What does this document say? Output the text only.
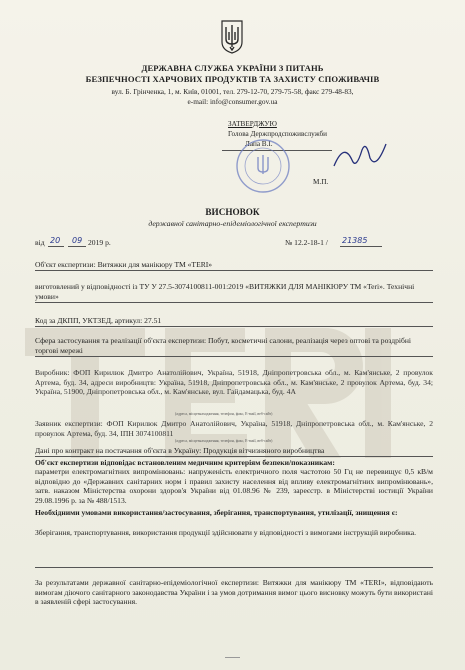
ДЕРЖАВНА СЛУЖБА УКРАЇНИ З ПИТАНЬ
БЕЗПЕЧНОСТІ ХАРЧОВИХ ПРОДУКТІВ ТА ЗАХИСТУ СПОЖИВАЧІВ
вул. Б. Грінченка, 1, м. Київ, 01001, тел. 279-12-70, 279-75-58, факс 279-48-83,
e-mail: info@consumer.gov.ua
ЗАТВЕРДЖУЮ
Голова Держпродспоживслужби
Лапа В.І.
М.П.
ВИСНОВОК
державної санітарно-епідеміологічної експертизи
від 20 09 2019 р.	№ 12.2-18-1 / 21385
Об'єкт експертизи: Витяжки для манікюру ТМ «TERI»
виготовлений у відповідності із ТУ У 27.5-3074100811-001:2019 «ВИТЯЖКИ ДЛЯ МАНІКЮРУ ТМ «Teri». Технічні умови»
Код за ДКПП, УКТЗЕД, артикул: 27.51
Сфера застосування та реалізації об'єкта експертизи: Побут, косметичні салони, реалізація через оптові та роздрібні торгові мережі
Виробник: ФОП Кирилюк Дмитро Анатолійович, Україна, 51918, Дніпропетровська обл., м. Кам'янське, 2 провулок Артема, буд. 34, адреси виробництв: Україна, 51918, Дніпропетровська обл., м. Кам'янське, 2 провулок Артема, буд. 34; Україна, 51900, Дніпропетровська обл., м. Кам'янське, вул. Гайдамацька, буд. 4А
(адреса, місцезнаходження, телефон, факс, E-mail, веб-сайт)
Заявник експертизи: ФОП Кирилюк Дмитро Анатолійович, Україна, 51918, Дніпропетровська обл., м. Кам'янське, 2 провулок Артема, буд. 34, ІПН 3074100811
(адреса, місцезнаходження, телефон, факс, E-mail, веб-сайт)
Дані про контракт на постачання об'єкта в Україну: Продукція вітчизняного виробництва
Об'єкт експертизи відповідає встановленим медичним критеріям безпеки/показникам:
параметри електромагнітних випромінювань: напруженість електричного поля частотою 50 Гц не перевищує 0,5 кВ/м відповідно до «Державних санітарних норм і правил захисту населення від впливу електромагнітних випромінювань», затв. наказом Міністерства охорони здоров'я України від 01.08.96 № 239, зареєстр. в Міністерстві юстиції України 29.08.1996 р. за № 488/1513.
Необхідними умовами використання/застосування, зберігання, транспортування, утилізації, знищення є:
Зберігання, транспортування, використання продукції здійснювати у відповідності з вимогами інструкцій виробника.
За результатами державної санітарно-епідеміологічної експертизи: Витяжки для манікюру ТМ «TERI», відповідають вимогам діючого санітарного законодавства України і за умов дотримання вимог цього висновку можуть бути використані в заявленій сфері застосування.
